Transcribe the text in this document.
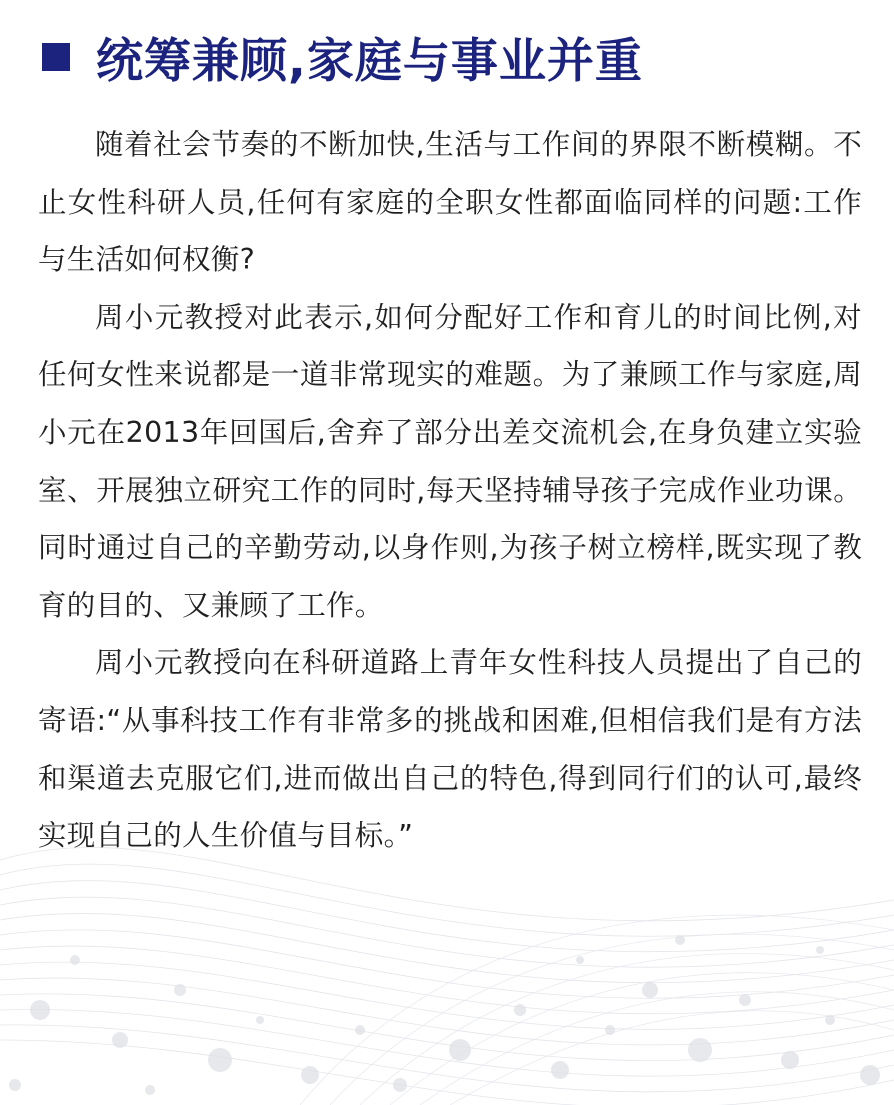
统筹兼顾,家庭与事业并重

随着社会节奏的不断加快,生活与工作间的界限不断模糊。不止女性科研人员,任何有家庭的全职女性都面临同样的问题:工作与生活如何权衡?

周小元教授对此表示,如何分配好工作和育儿的时间比例,对任何女性来说都是一道非常现实的难题。为了兼顾工作与家庭,周小元在2013年回国后,舍弃了部分出差交流机会,在身负建立实验室、开展独立研究工作的同时,每天坚持辅导孩子完成作业功课。同时通过自己的辛勤劳动,以身作则,为孩子树立榜样,既实现了教育的目的、又兼顾了工作。

周小元教授向在科研道路上青年女性科技人员提出了自己的寄语:“从事科技工作有非常多的挑战和困难,但相信我们是有方法和渠道去克服它们,进而做出自己的特色,得到同行们的认可,最终实现自己的人生价值与目标。”
